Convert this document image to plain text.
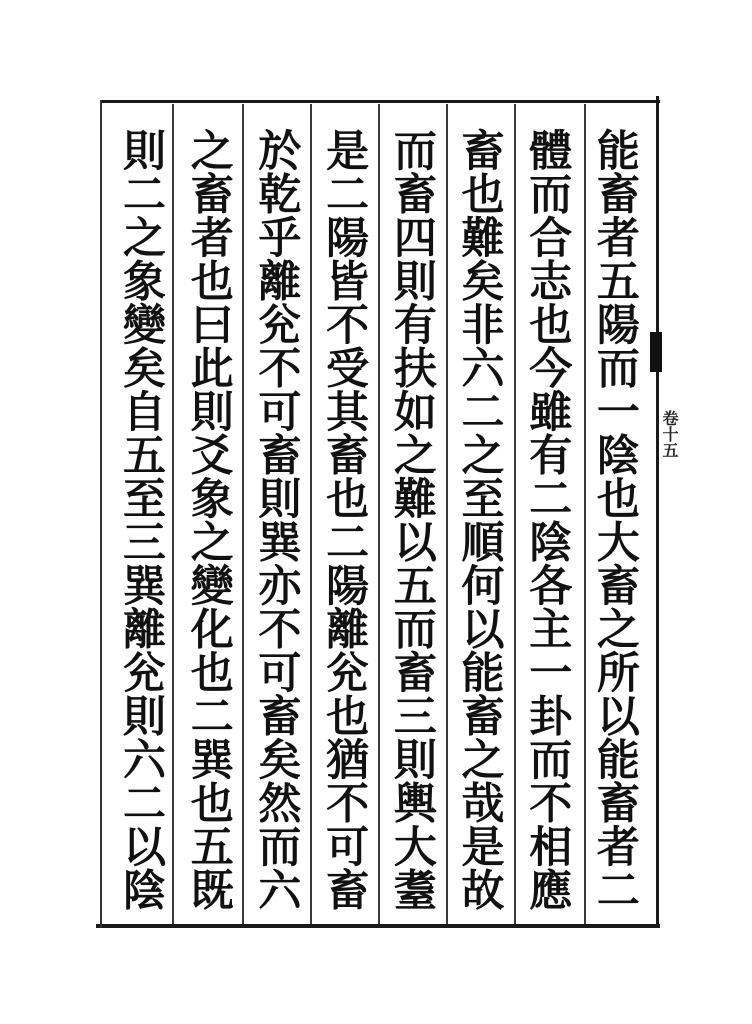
卷十五
能畜者五陽而一陰也大畜之所以能畜者二
體而合志也今雖有二陰各主一卦而不相應
畜也難矣非六二之至順何以能畜之哉是故
而畜四則有扶如之難以五而畜三則輿大耋
是二陽皆不受其畜也二陽離兊也猶不可畜
於乾乎離兊不可畜則巽亦不可畜矣然而六
之畜者也曰此則爻象之變化也二巽也五既
則二之象變矣自五至三巽離兊則六二以陰
